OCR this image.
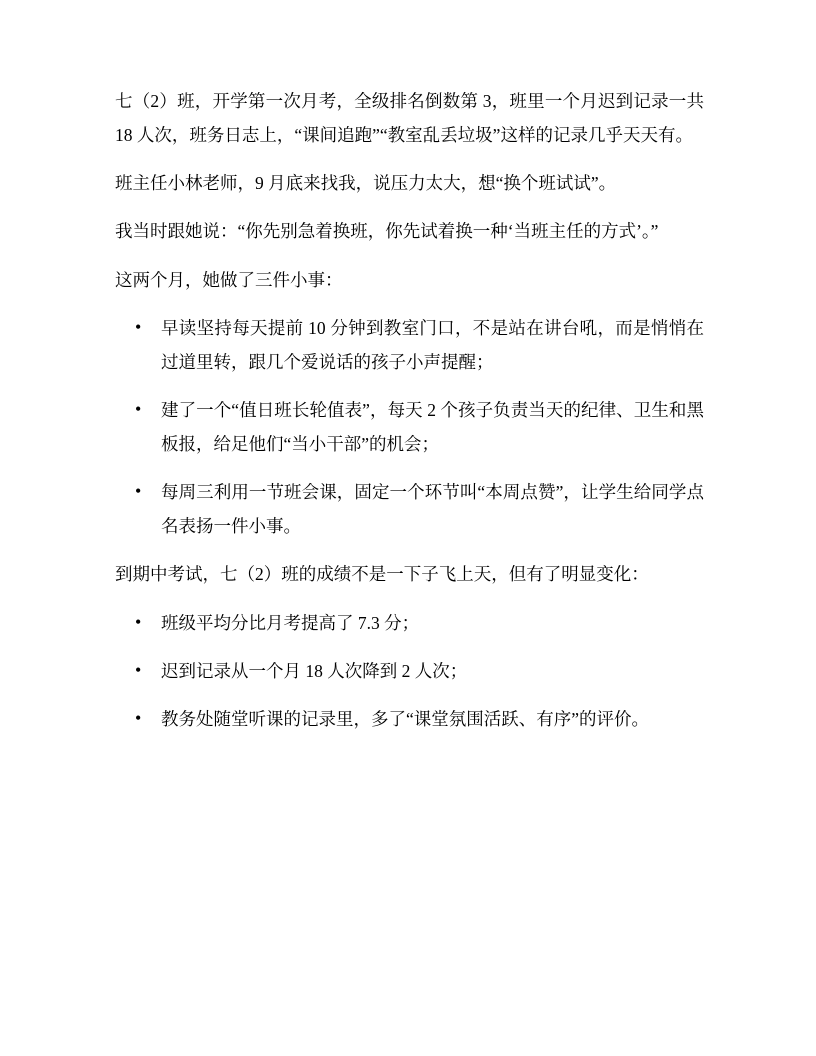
七（2）班，开学第一次月考，全级排名倒数第 3，班里一个月迟到记录一共 18 人次，班务日志上，“课间追跑”“教室乱丢垃圾”这样的记录几乎天天有。

班主任小林老师，9 月底来找我，说压力太大，想“换个班试试”。

我当时跟她说：“你先别急着换班，你先试着换一种‘当班主任的方式’。”

这两个月，她做了三件小事：

• 早读坚持每天提前 10 分钟到教室门口，不是站在讲台吼，而是悄悄在过道里转，跟几个爱说话的孩子小声提醒；
• 建了一个“值日班长轮值表”，每天 2 个孩子负责当天的纪律、卫生和黑板报，给足他们“当小干部”的机会；
• 每周三利用一节班会课，固定一个环节叫“本周点赞”，让学生给同学点名表扬一件小事。

到期中考试，七（2）班的成绩不是一下子飞上天，但有了明显变化：

• 班级平均分比月考提高了 7.3 分；
• 迟到记录从一个月 18 人次降到 2 人次；
• 教务处随堂听课的记录里，多了“课堂氛围活跃、有序”的评价。
